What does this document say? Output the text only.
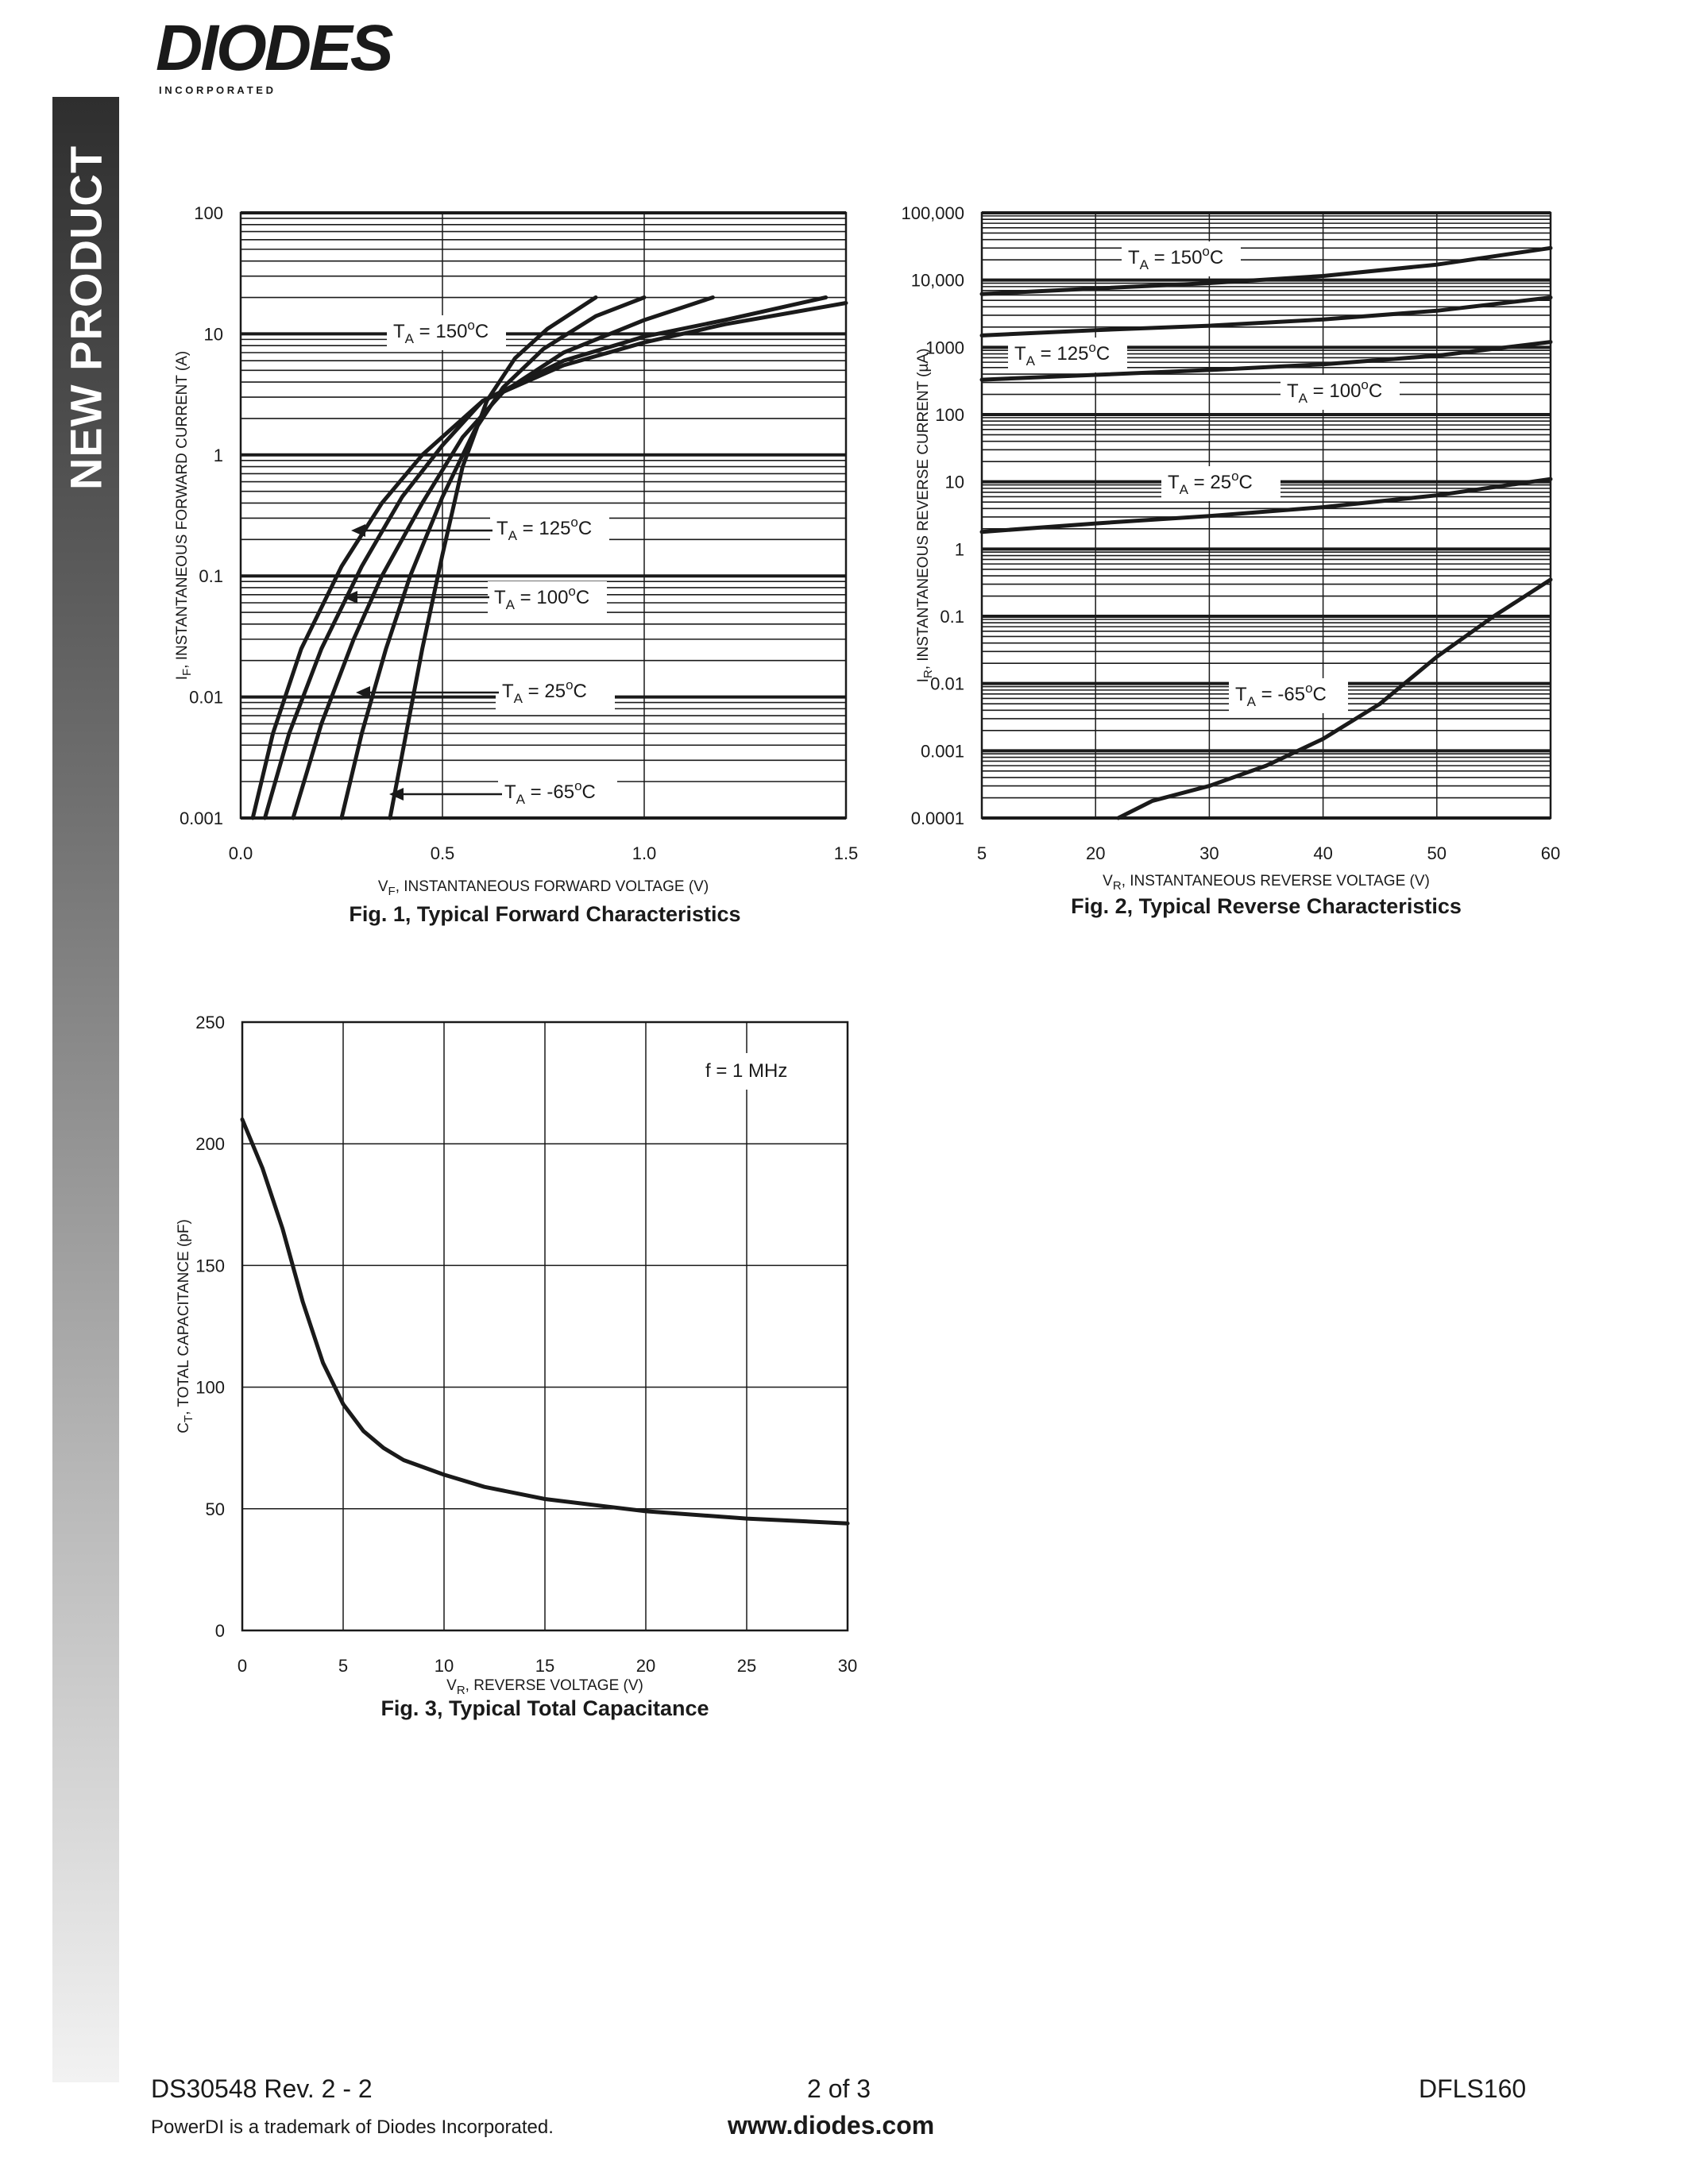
DIODES
I N C O R P O R A T E D
NEW PRODUCT
0.001
0.01
0.1
1
10
100
0.0	0.5	1.0	1.5
$V_F$, INSTANTANEOUS FORWARD VOLTAGE (V)
$I_F$, INSTANTANEOUS FORWARD CURRENT (A)
Fig. 1, Typical Forward Characteristics
$T_A = 150^oC$
$T_A = 125^oC$
$T_A = 100^oC$
$T_A = 25^oC$
$T_A = -65^oC$
0.0001
0.001
0.01
0.1
1
10
100
1000
10,000
100,000
5	20	30	40	50	60
$V_R$, INSTANTANEOUS REVERSE VOLTAGE (V)
$I_R$, INSTANTANEOUS REVERSE CURRENT (µA)
Fig. 2, Typical Reverse Characteristics
$T_A = 150^oC$
$T_A = 125^oC$
$T_A = 100^oC$
$T_A = 25^oC$
$T_A = -65^oC$
0
50
100
150
200
250
0	5	10	15	20	25	30
$V_R$, REVERSE VOLTAGE (V)
$C_T$, TOTAL CAPACITANCE (pF)
Fig. 3, Typical Total Capacitance
f = 1 MHz
DS30548 Rev. 2 - 2	2 of 3	DFLS160
PowerDI is a trademark of Diodes Incorporated.	www.diodes.com
